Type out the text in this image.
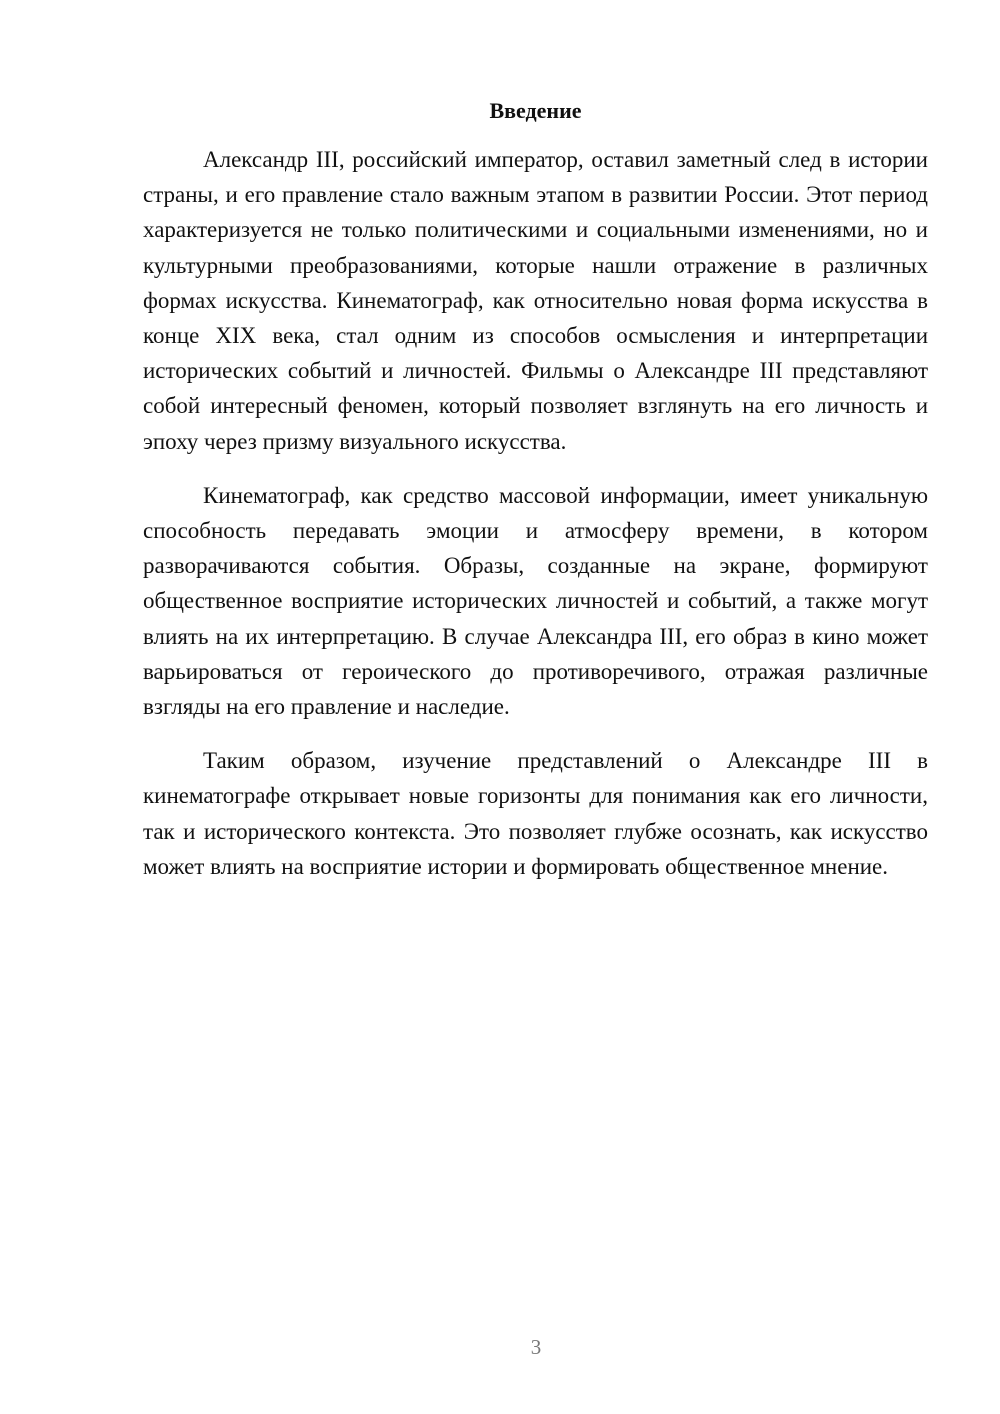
Введение

Александр III, российский император, оставил заметный след в истории страны, и его правление стало важным этапом в развитии России. Этот период характеризуется не только политическими и социальными изменениями, но и культурными преобразованиями, которые нашли отражение в различных формах искусства. Кинематограф, как относительно новая форма искусства в конце XIX века, стал одним из способов осмысления и интерпретации исторических событий и личностей. Фильмы о Александре III представляют собой интересный феномен, который позволяет взглянуть на его личность и эпоху через призму визуального искусства.

Кинематограф, как средство массовой информации, имеет уникальную способность передавать эмоции и атмосферу времени, в котором разворачиваются события. Образы, созданные на экране, формируют общественное восприятие исторических личностей и событий, а также могут влиять на их интерпретацию. В случае Александра III, его образ в кино может варьироваться от героического до противоречивого, отражая различные взгляды на его правление и наследие.

Таким образом, изучение представлений о Александре III в кинематографе открывает новые горизонты для понимания как его личности, так и исторического контекста. Это позволяет глубже осознать, как искусство может влиять на восприятие истории и формировать общественное мнение.

3
